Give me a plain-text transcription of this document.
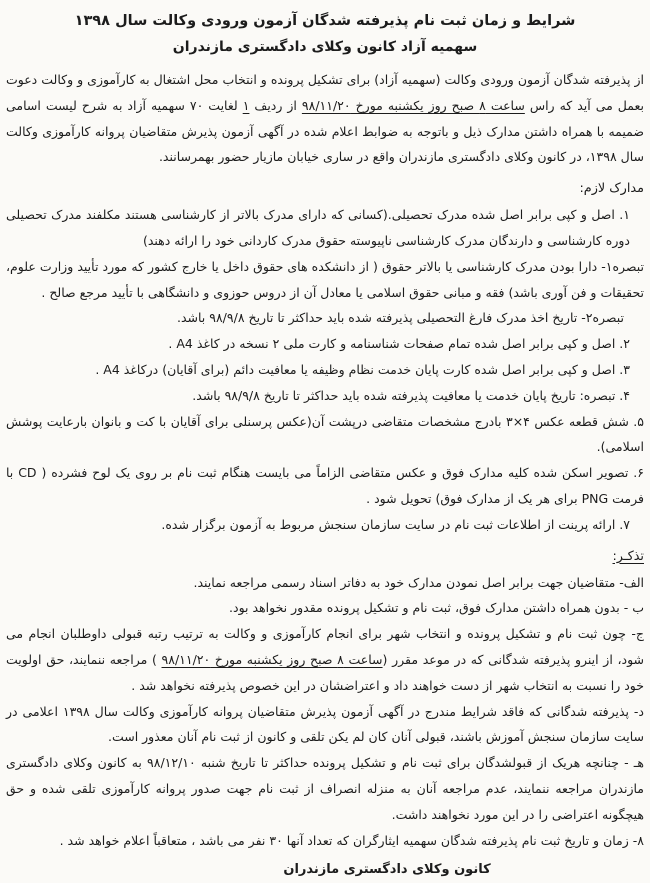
شرایط و زمان ثبت نام پذیرفته شدگان آزمون ورودی وکالت سال ۱۳۹۸
سهمیه آزاد کانون وکلای دادگستری مازندران

از پذیرفته شدگان آزمون ورودی وکالت (سهمیه آزاد) برای تشکیل پرونده و انتخاب محل اشتغال به کارآموزی و وکالت دعوت بعمل می آید که راس ساعت ۸ صبح روز یکشنبه مورخ ۹۸/۱۱/۲۰ از ردیف ۱ لغایت ۷۰ سهمیه آزاد به شرح لیست اسامی ضمیمه با همراه داشتن مدارک ذیل و باتوجه به ضوابط اعلام شده در آگهی آزمون پذیرش متقاضیان پروانه کارآموزی وکالت سال ۱۳۹۸، در کانون وکلای دادگستری مازندران واقع در ساری خیابان مازیار حضور بهمرسانند.

مدارک لازم:

۱. اصل و کپی برابر اصل شده مدرک تحصیلی.(کسانی که دارای مدرک بالاتر از کارشناسی هستند مکلفند مدرک تحصیلی دوره کارشناسی و دارندگان مدرک کارشناسی ناپیوسته حقوق مدرک کاردانی خود را ارائه دهند)

تبصره۱- دارا بودن مدرک کارشناسی یا بالاتر حقوق ( از دانشکده های حقوق داخل یا خارج کشور که مورد تأیید وزارت علوم، تحقیقات و فن آوری باشد) فقه و مبانی حقوق اسلامی یا معادل آن از دروس حوزوی و دانشگاهی با تأیید مرجع صالح .

تبصره۲- تاریخ اخذ مدرک فارغ التحصیلی پذیرفته شده باید حداکثر تا تاریخ ۹۸/۹/۸ باشد.

۲. اصل و کپی برابر اصل شده تمام صفحات شناسنامه و کارت ملی ۲ نسخه در کاغذ A4 .

۳. اصل و کپی برابر اصل شده کارت پایان خدمت نظام وظیفه یا معافیت دائم (برای آقایان) درکاغذ A4 .

۴. تبصره: تاریخ پایان خدمت یا معافیت پذیرفته شده باید حداکثر تا تاریخ ۹۸/۹/۸ باشد.

۵. شش قطعه عکس ۴×۳ بادرج مشخصات متقاضی درپشت آن(عکس پرسنلی برای آقایان با کت و بانوان بارعایت پوشش اسلامی).

۶. تصویر اسکن شده کلیه مدارک فوق و عکس متقاضی الزاماً می بایست هنگام ثبت نام بر روی یک لوح فشرده ( CD با فرمت PNG برای هر یک از مدارک فوق) تحویل شود .

۷. ارائه پرینت از اطلاعات ثبت نام در سایت سازمان سنجش مربوط به آزمون برگزار شده.

تذکـر:

الف- متقاضیان جهت برابر اصل نمودن مدارک خود به دفاتر اسناد رسمی مراجعه نمایند.

ب - بدون همراه داشتن مدارک فوق، ثبت نام و تشکیل پرونده مقدور نخواهد بود.

ج- چون ثبت نام و تشکیل پرونده و انتخاب شهر برای انجام کارآموزی و وکالت به ترتیب رتبه قبولی داوطلبان انجام می شود، از اینرو پذیرفته شدگانی که در موعد مقرر (ساعت ۸ صبح روز یکشنبه مورخ ۹۸/۱۱/۲۰ ) مراجعه ننمایند، حق اولویت خود را نسبت به انتخاب شهر از دست خواهند داد و اعتراضشان در این خصوص پذیرفته نخواهد شد .

د- پذیرفته شدگانی که فاقد شرایط مندرج در آگهی آزمون پذیرش متقاضیان پروانه کارآموزی وکالت سال ۱۳۹۸ اعلامی در سایت سازمان سنجش آموزش باشند، قبولی آنان کان لم یکن تلقی و کانون از ثبت نام آنان معذور است.

هـ - چنانچه هریک از قبولشدگان برای ثبت نام و تشکیل پرونده حداکثر تا تاریخ شنبه ۹۸/۱۲/۱۰ به کانون وکلای دادگستری مازندران مراجعه ننمایند، عدم مراجعه آنان به منزله انصراف از ثبت نام جهت صدور پروانه کارآموزی تلقی شده و حق هیچگونه اعتراضی را در این مورد نخواهند داشت.

۸- زمان و تاریخ ثبت نام پذیرفته شدگان سهمیه ایثارگران که تعداد آنها ۳۰ نفر می باشد ، متعاقباً اعلام خواهد شد .

کانون وکلای دادگستری مازندران
